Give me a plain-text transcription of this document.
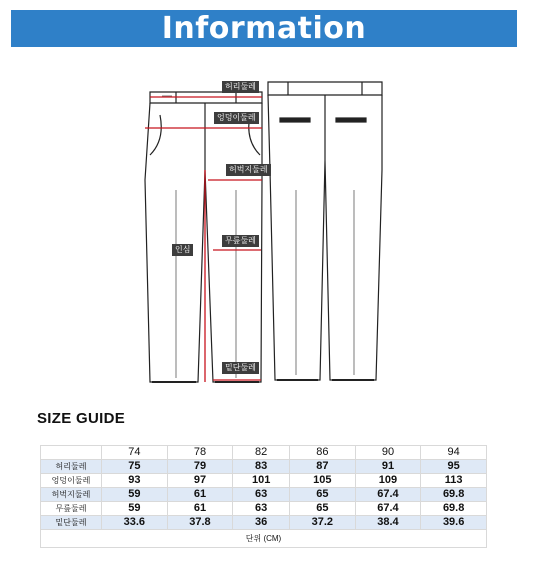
Information
허리둘레
엉덩이둘레
허벅지둘레
인심
무릎둘레
밑단둘레
SIZE GUIDE
	74	78	82	86	90	94
허리둘레	75	79	83	87	91	95
엉덩이둘레	93	97	101	105	109	113
허벅지둘레	59	61	63	65	67.4	69.8
무릎둘레	59	61	63	65	67.4	69.8
밑단둘레	33.6	37.8	36	37.2	38.4	39.6
단위 (CM)						
